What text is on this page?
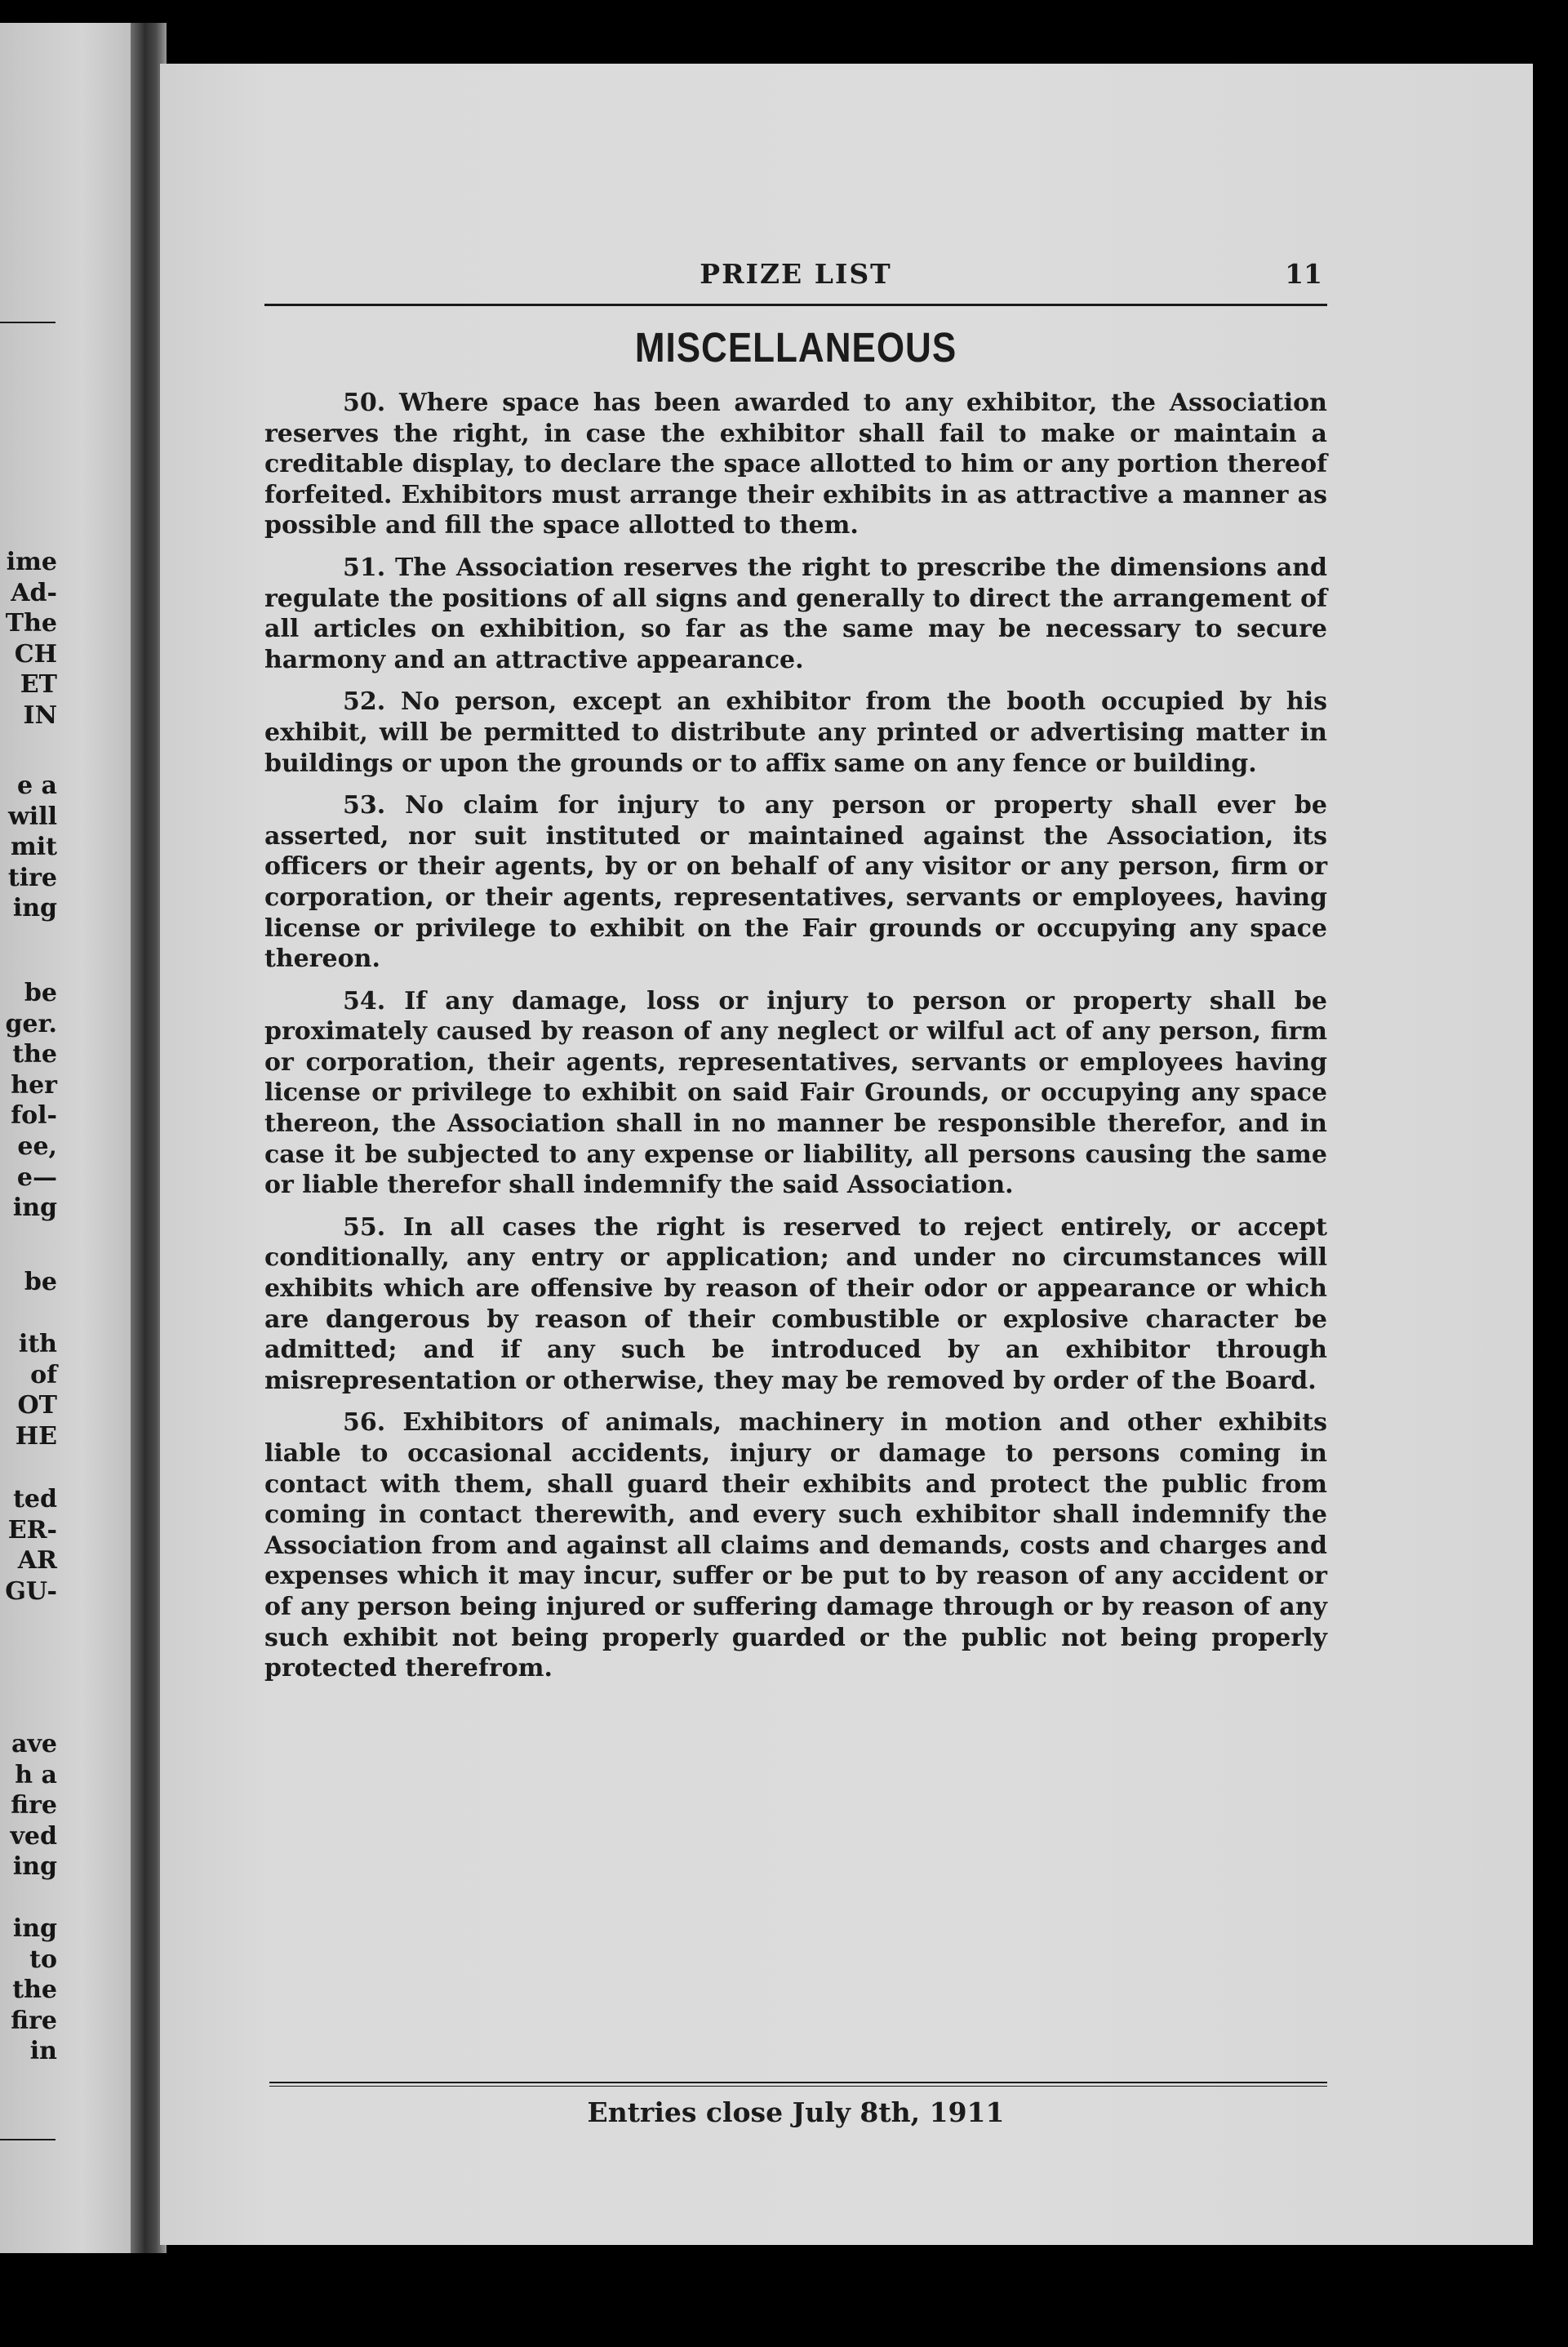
ime
Ad-
The
CH
ET
IN
e a
will
mit
tire
ing
be
ger.
the
her
fol-
ee,
e—
ing
be
ith
of
OT
HE
ted
ER-
AR
GU-
ave
h a
fire
ved
ing
ing
to
the
fire
in
PRIZE LIST	11
MISCELLANEOUS

50. Where space has been awarded to any exhibitor, the Association reserves the right, in case the exhibitor shall fail to make or maintain a creditable display, to declare the space allotted to him or any portion thereof forfeited. Exhibitors must arrange their exhibits in as attractive a manner as possible and fill the space allotted to them.

51. The Association reserves the right to prescribe the dimensions and regulate the positions of all signs and generally to direct the arrangement of all articles on exhibition, so far as the same may be necessary to secure harmony and an attractive appearance.

52. No person, except an exhibitor from the booth occupied by his exhibit, will be permitted to distribute any printed or advertising matter in buildings or upon the grounds or to affix same on any fence or building.

53. No claim for injury to any person or property shall ever be asserted, nor suit instituted or maintained against the Association, its officers or their agents, by or on behalf of any visitor or any person, firm or corporation, or their agents, representatives, servants or employees, having license or privilege to exhibit on the Fair grounds or occupying any space thereon.

54. If any damage, loss or injury to person or property shall be proximately caused by reason of any neglect or wilful act of any person, firm or corporation, their agents, representatives, servants or employees having license or privilege to exhibit on said Fair Grounds, or occupying any space thereon, the Association shall in no manner be responsible therefor, and in case it be subjected to any expense or liability, all persons causing the same or liable therefor shall indemnify the said Association.

55. In all cases the right is reserved to reject entirely, or accept conditionally, any entry or application; and under no circumstances will exhibits which are offensive by reason of their odor or appearance or which are dangerous by reason of their combustible or explosive character be admitted; and if any such be introduced by an exhibitor through misrepresentation or otherwise, they may be removed by order of the Board.

56. Exhibitors of animals, machinery in motion and other exhibits liable to occasional accidents, injury or damage to persons coming in contact with them, shall guard their exhibits and protect the public from coming in contact therewith, and every such exhibitor shall indemnify the Association from and against all claims and demands, costs and charges and expenses which it may incur, suffer or be put to by reason of any accident or of any person being injured or suffering damage through or by reason of any such exhibit not being properly guarded or the public not being properly protected therefrom.

Entries close July 8th, 1911
